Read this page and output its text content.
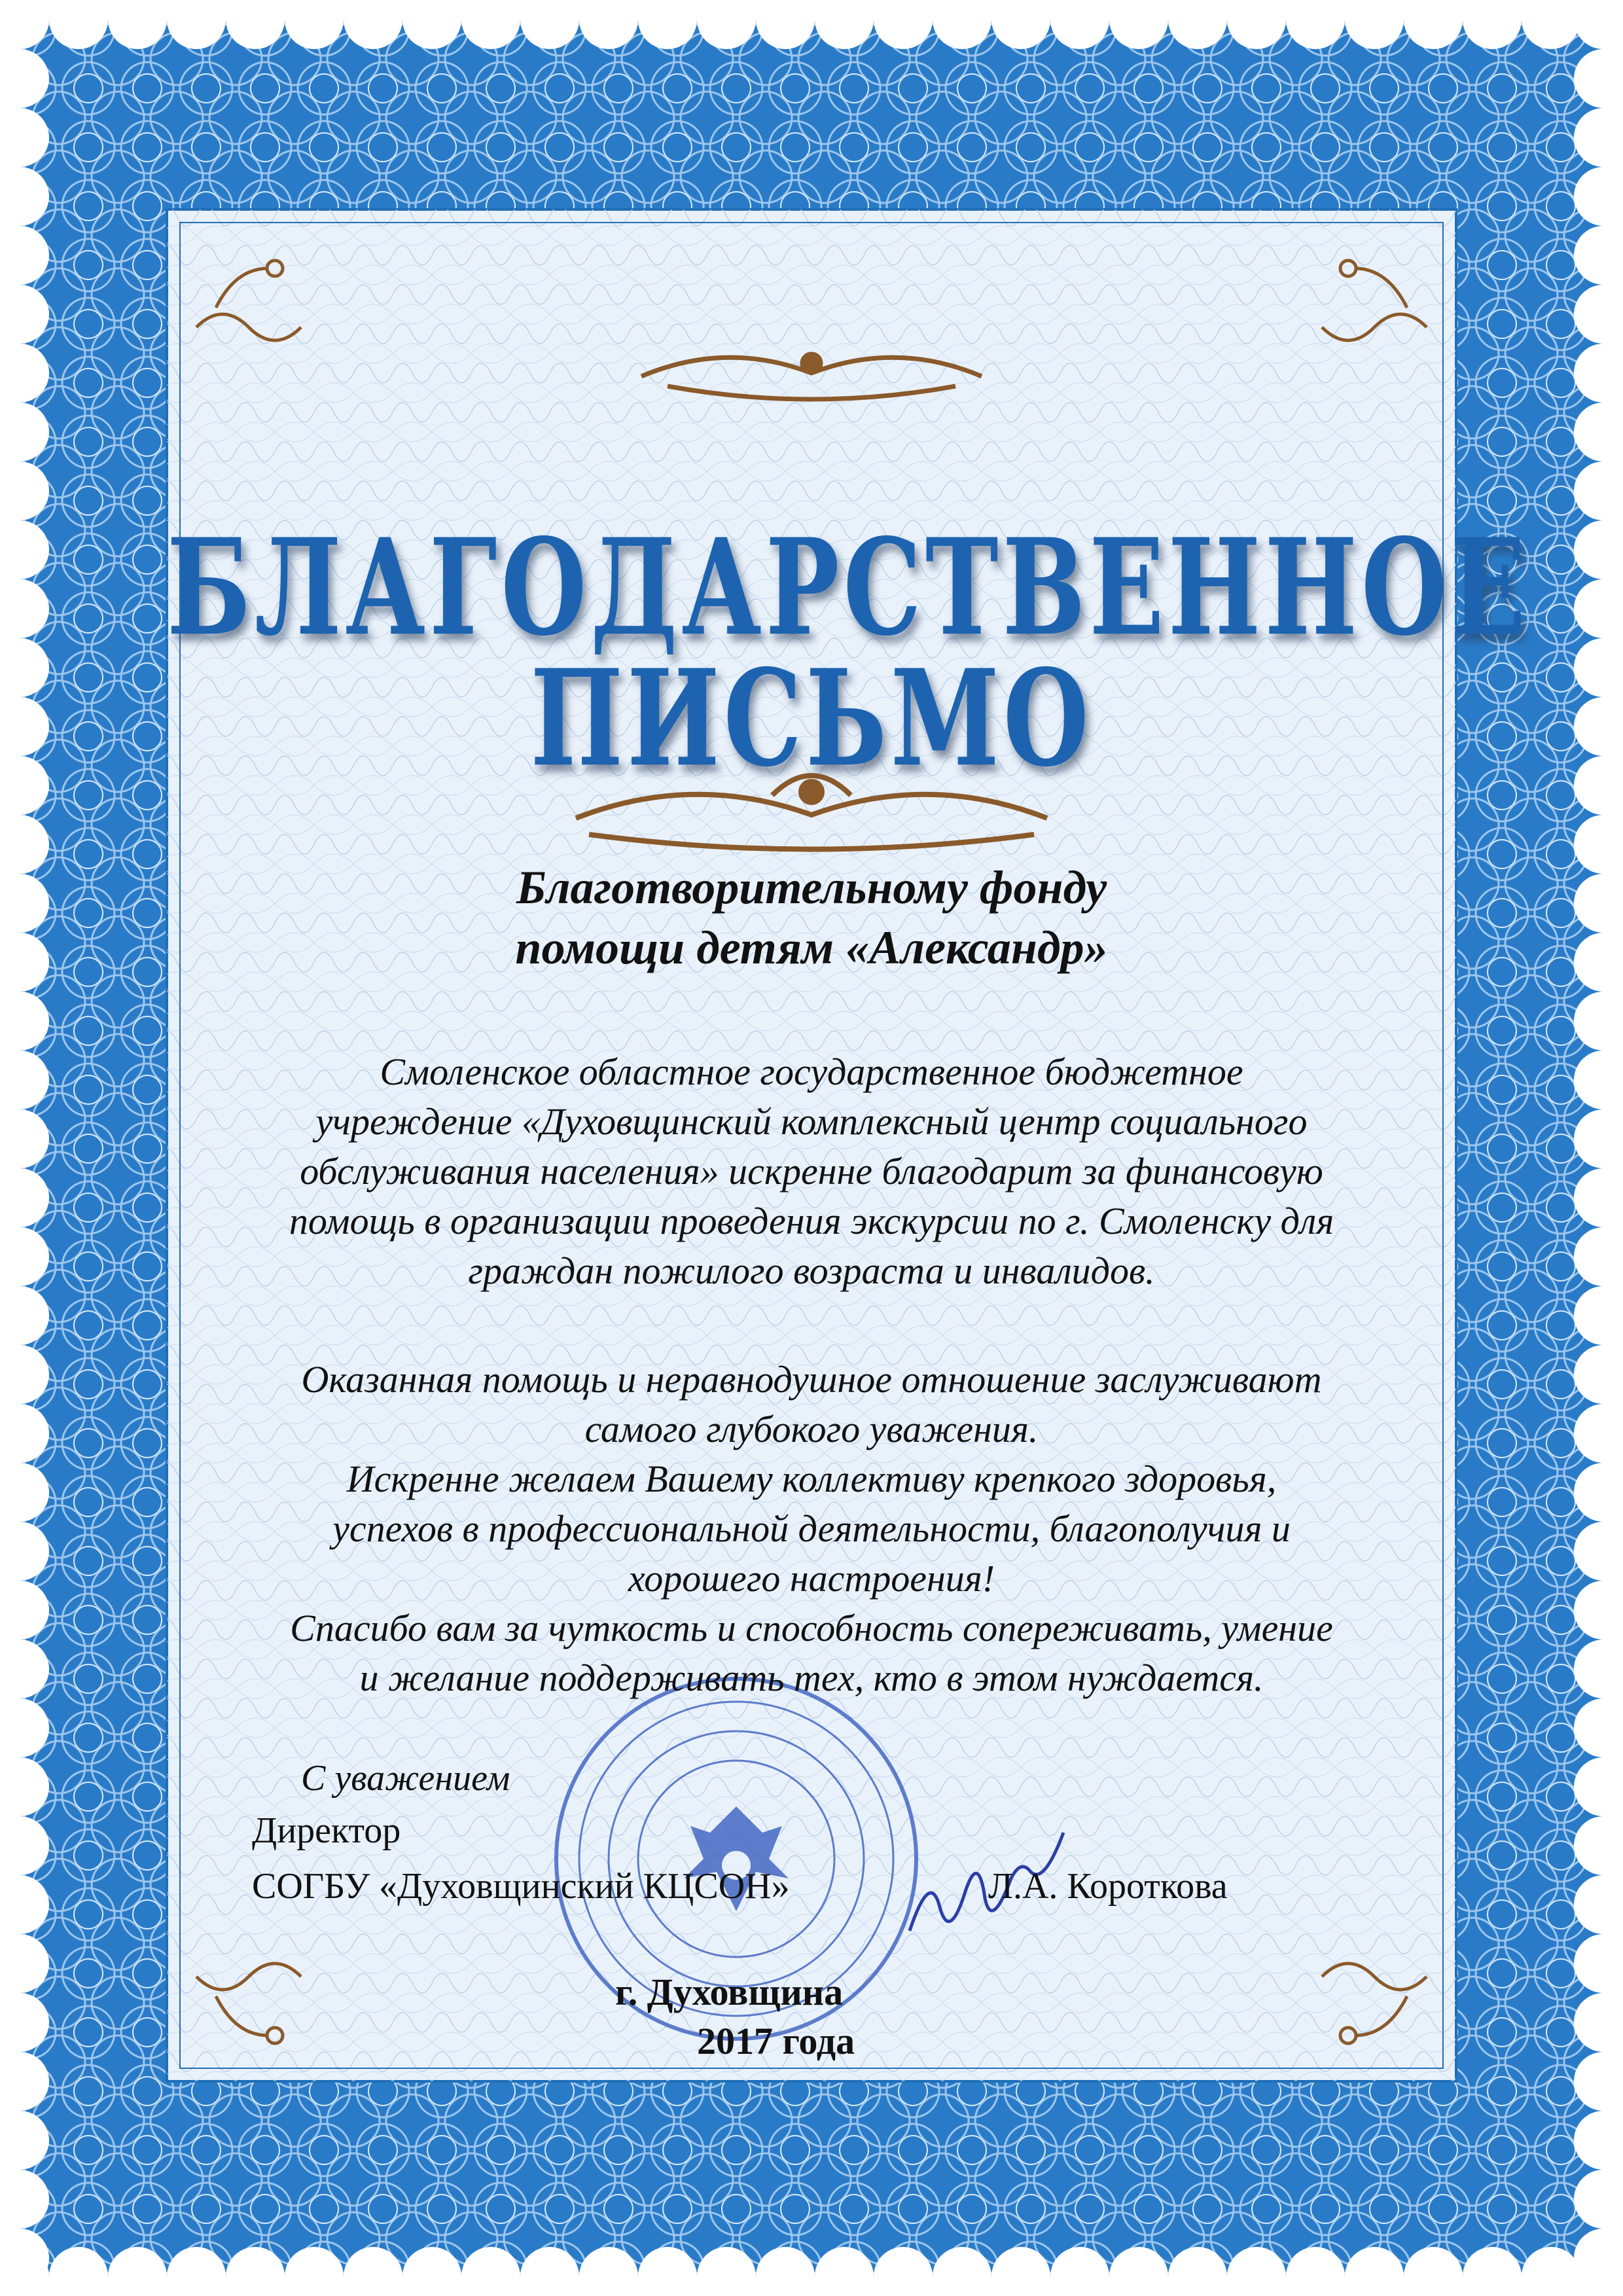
БЛАГОДАРСТВЕННОЕ
ПИСЬМО
Благотворительному фонду
помощи детям «Александр»
Смоленское областное государственное бюджетное
учреждение «Духовщинский комплексный центр социального
обслуживания населения» искренне благодарит за финансовую
помощь в организации проведения экскурсии по г. Смоленску для
граждан пожилого возраста и инвалидов.
Оказанная помощь и неравнодушное отношение заслуживают
самого глубокого уважения.
Искренне желаем Вашему коллективу крепкого здоровья,
успехов в профессиональной деятельности, благополучия и
хорошего настроения!
Спасибо вам за чуткость и способность сопереживать, умение
и желание поддерживать тех, кто в этом нуждается.
С уважением
Директор
СОГБУ «Духовщинский КЦСОН»	Л.А. Короткова
г. Духовщина
2017 года
